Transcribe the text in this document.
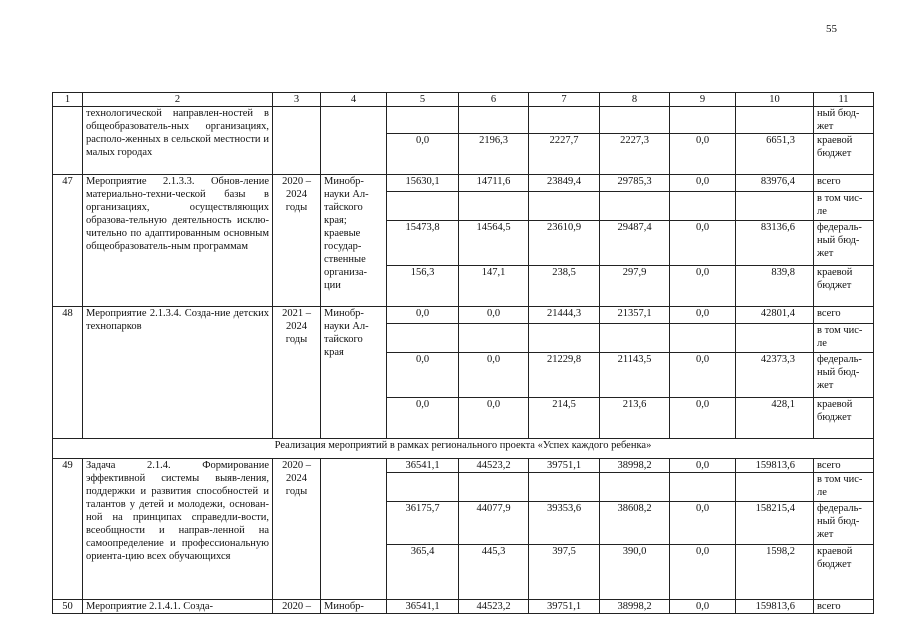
55
1	2	3	4	5	6	7	8	9	10	11
	технологической направлен-ностей в общеобразователь-ных организациях, располо-женных в сельской местности и малых городах									ный бюд-жет
				0,0	2196,3	2227,7	2227,3	0,0	6651,3	краевой бюджет
47	Мероприятие 2.1.3.3. Обнов-ление материально-техни-ческой базы в организациях, осуществляющих образова-тельную деятельность исклю-чительно по адаптированным основным общеобразователь-ным программам	2020 – 2024 годы	Минобр-науки Ал-тайского края; краевые государ-ственные организа-ции	15630,1	14711,6	23849,4	29785,3	0,0	83976,4	всего
										в том чис-ле
				15473,8	14564,5	23610,9	29487,4	0,0	83136,6	федераль-ный бюд-жет
				156,3	147,1	238,5	297,9	0,0	839,8	краевой бюджет
48	Мероприятие 2.1.3.4. Созда-ние детских технопарков	2021 – 2024 годы	Минобр-науки Ал-тайского края	0,0	0,0	21444,3	21357,1	0,0	42801,4	всего
										в том чис-ле
				0,0	0,0	21229,8	21143,5	0,0	42373,3	федераль-ный бюд-жет
				0,0	0,0	214,5	213,6	0,0	428,1	краевой бюджет
Реализация мероприятий в рамках регионального проекта «Успех каждого ребенка»										
49	Задача 2.1.4. Формирование эффективной системы выяв-ления, поддержки и развития способностей и талантов у детей и молодежи, основан-ной на принципах справедли-вости, всеобщности и направ-ленной на самоопределение и профессиональную ориента-цию всех обучающихся	2020 – 2024 годы		36541,1	44523,2	39751,1	38998,2	0,0	159813,6	всего
										в том чис-ле
				36175,7	44077,9	39353,6	38608,2	0,0	158215,4	федераль-ный бюд-жет
				365,4	445,3	397,5	390,0	0,0	1598,2	краевой бюджет
50	Мероприятие 2.1.4.1. Созда-	2020 –	Минобр-	36541,1	44523,2	39751,1	38998,2	0,0	159813,6	всего
